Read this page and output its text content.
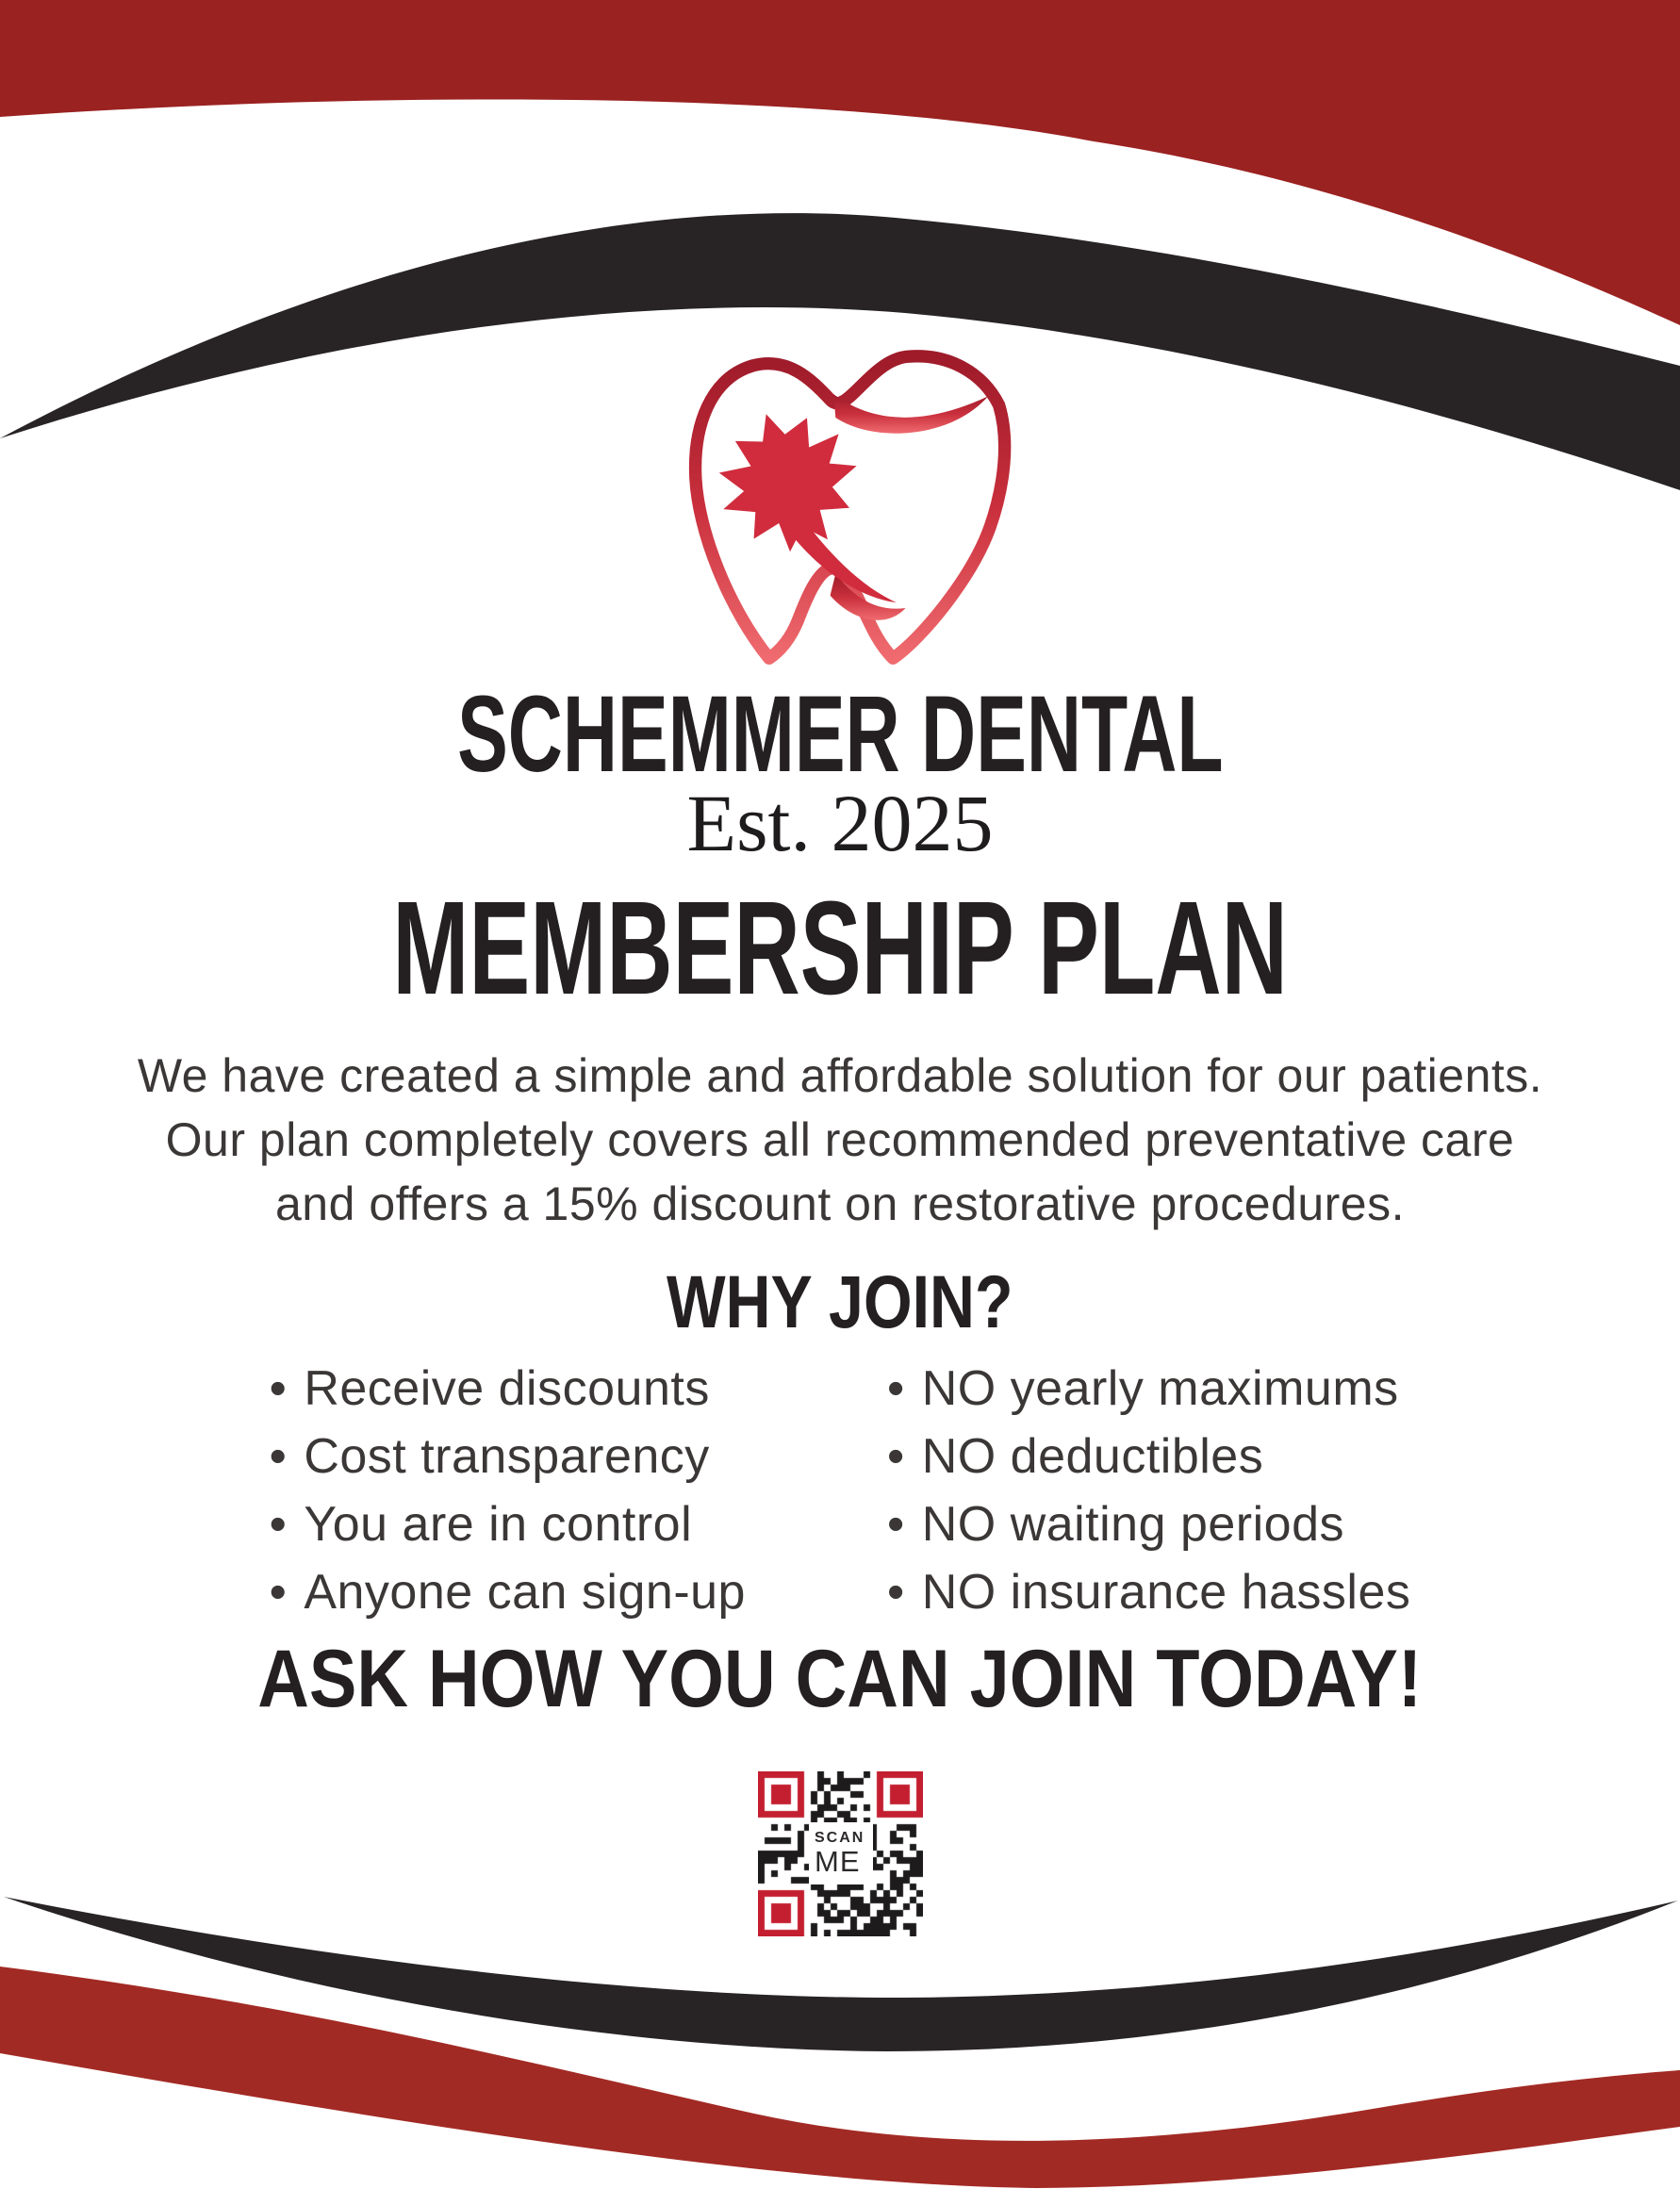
SCHEMMER DENTAL
Est. 2025
MEMBERSHIP PLAN
We have created a simple and affordable solution for our patients.
Our plan completely covers all recommended preventative care
and offers a 15% discount on restorative procedures.
WHY JOIN?
• Receive discounts
• Cost transparency
• You are in control
• Anyone can sign-up
• NO yearly maximums
• NO deductibles
• NO waiting periods
• NO insurance hassles
ASK HOW YOU CAN JOIN TODAY!
SCAN
ME
